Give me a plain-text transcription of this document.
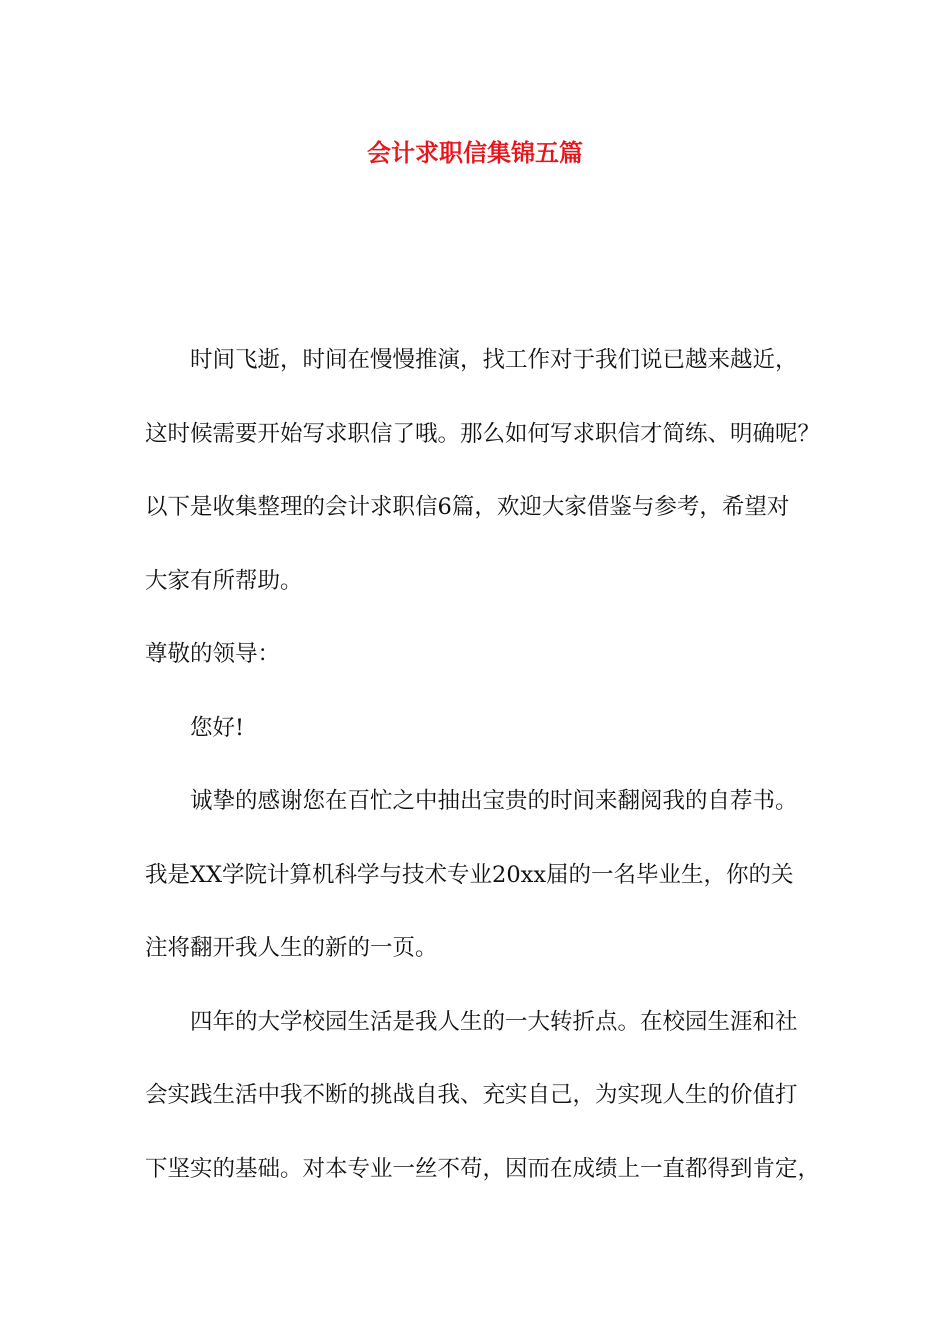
会计求职信集锦五篇
时间飞逝，时间在慢慢推演，找工作对于我们说已越来越近，
这时候需要开始写求职信了哦。那么如何写求职信才简练、明确呢？
以下是收集整理的会计求职信6篇，欢迎大家借鉴与参考，希望对
大家有所帮助。
尊敬的领导：
您好!
诚挚的感谢您在百忙之中抽出宝贵的时间来翻阅我的自荐书。
我是XX学院计算机科学与技术专业20xx届的一名毕业生，你的关
注将翻开我人生的新的一页。
四年的大学校园生活是我人生的一大转折点。在校园生涯和社
会实践生活中我不断的挑战自我、充实自己，为实现人生的价值打
下坚实的基础。对本专业一丝不苟，因而在成绩上一直都得到肯定，
